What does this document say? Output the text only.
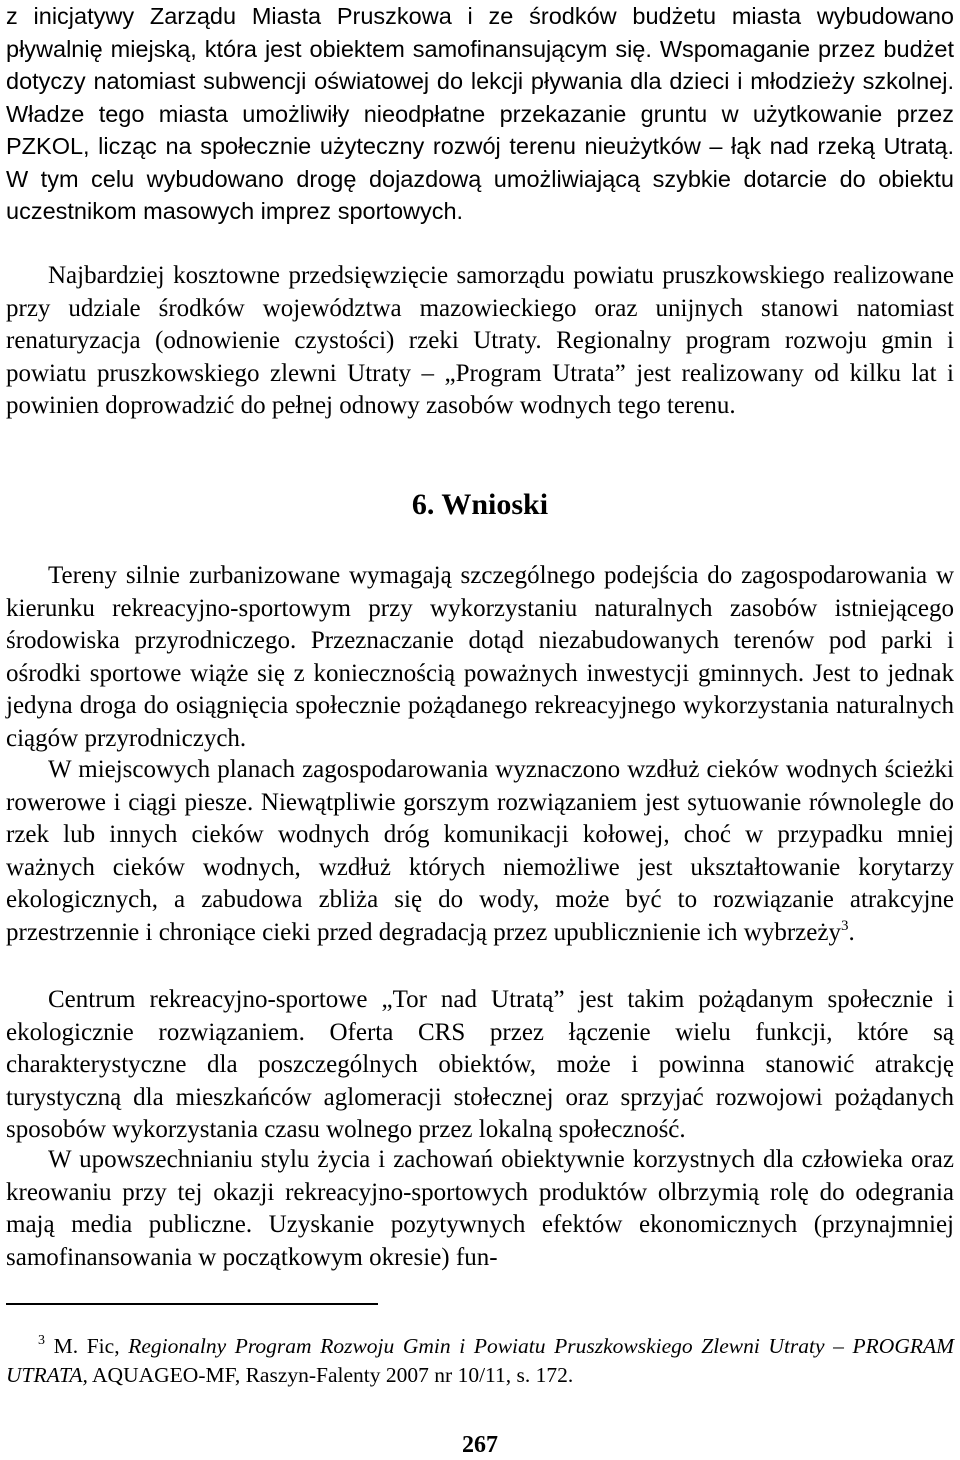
z inicjatywy Zarządu Miasta Pruszkowa i ze środków budżetu miasta wybudowano pływalnię miejską, która jest obiektem samofinansującym się. Wspomaganie przez budżet dotyczy natomiast subwencji oświatowej do lekcji pływania dla dzieci i młodzieży szkolnej. Władze tego miasta umożliwiły nieodpłatne przekazanie gruntu w użytkowanie przez PZKOL, licząc na społecznie użyteczny rozwój terenu nieużytków – łąk nad rzeką Utratą. W tym celu wybudowano drogę dojazdową umożliwiającą szybkie dotarcie do obiektu uczestnikom masowych imprez sportowych.

Najbardziej kosztowne przedsięwzięcie samorządu powiatu pruszkowskiego realizowane przy udziale środków województwa mazowieckiego oraz unijnych stanowi natomiast renaturyzacja (odnowienie czystości) rzeki Utraty. Regionalny program rozwoju gmin i powiatu pruszkowskiego zlewni Utraty – „Program Utrata” jest realizowany od kilku lat i powinien doprowadzić do pełnej odnowy zasobów wodnych tego terenu.

6. Wnioski

Tereny silnie zurbanizowane wymagają szczególnego podejścia do zagospodarowania w kierunku rekreacyjno-sportowym przy wykorzystaniu naturalnych zasobów istniejącego środowiska przyrodniczego. Przeznaczanie dotąd niezabudowanych terenów pod parki i ośrodki sportowe wiąże się z koniecznością poważnych inwestycji gminnych. Jest to jednak jedyna droga do osiągnięcia społecznie pożądanego rekreacyjnego wykorzystania naturalnych ciągów przyrodniczych.

W miejscowych planach zagospodarowania wyznaczono wzdłuż cieków wodnych ścieżki rowerowe i ciągi piesze. Niewątpliwie gorszym rozwiązaniem jest sytuowanie równolegle do rzek lub innych cieków wodnych dróg komunikacji kołowej, choć w przypadku mniej ważnych cieków wodnych, wzdłuż których niemożliwe jest ukształtowanie korytarzy ekologicznych, a zabudowa zbliża się do wody, może być to rozwiązanie atrakcyjne przestrzennie i chroniące cieki przed degradacją przez upublicznienie ich wybrzeży$^3$.

Centrum rekreacyjno-sportowe „Tor nad Utratą” jest takim pożądanym społecznie i ekologicznie rozwiązaniem. Oferta CRS przez łączenie wielu funkcji, które są charakterystyczne dla poszczególnych obiektów, może i powinna stanowić atrakcję turystyczną dla mieszkańców aglomeracji stołecznej oraz sprzyjać rozwojowi pożądanych sposobów wykorzystania czasu wolnego przez lokalną społeczność.

W upowszechnianiu stylu życia i zachowań obiektywnie korzystnych dla człowieka oraz kreowaniu przy tej okazji rekreacyjno-sportowych produktów olbrzymią rolę do odegrania mają media publiczne. Uzyskanie pozytywnych efektów ekonomicznych (przynajmniej samofinansowania w początkowym okresie) fun-

$^3$ M. Fic, Regionalny Program Rozwoju Gmin i Powiatu Pruszkowskiego Zlewni Utraty – PROGRAM UTRATA, AQUAGEO-MF, Raszyn-Falenty 2007 nr 10/11, s. 172.

267
